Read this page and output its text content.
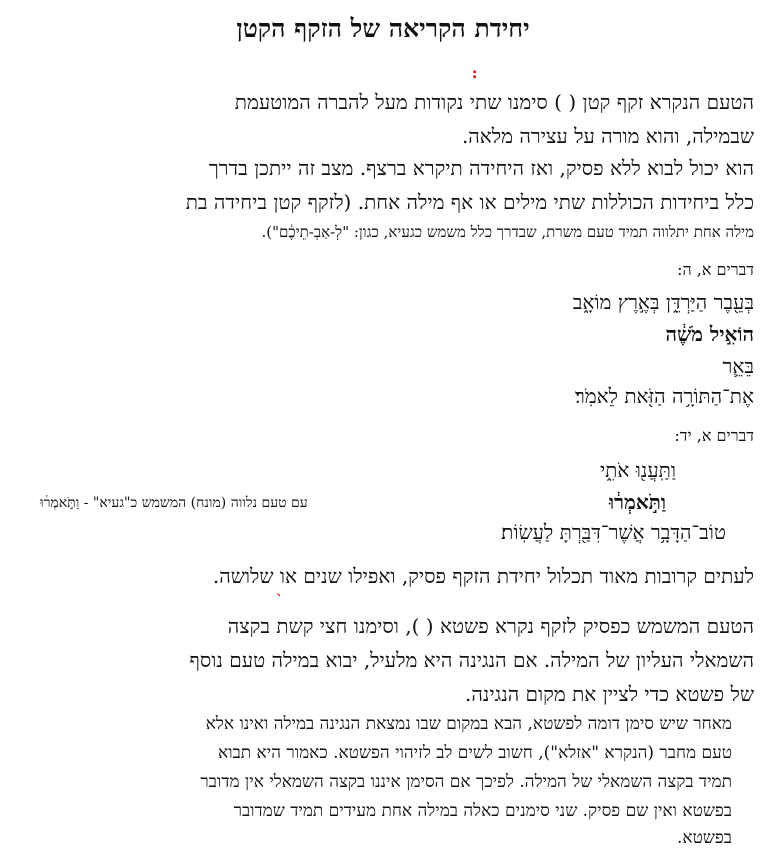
יחידת הקריאה של הזקף הקטן
׃
הטעם הנקרא זקף קטן ( ) סימנו שתי נקודות מעל להברה המוטעמת
שבמילה, והוא מורה על עצירה מלאה.
הוא יכול לבוא ללא פסיק, ואז היחידה תיקרא ברצף. מצב זה ייתכן בדרך
כלל ביחידות הכוללות שתי מילים או אף מילה אחת. (לזקף קטן ביחידה בת
מילה אחת יתלווה תמיד טעם משרת, שבדרך כלל משמש כגעיא, כגון: "לְ-אַבְ-תֵיכֶ֔ם").
דברים א, ה:
בְּעֵ֖בֶר הַיַּרְדֵּ֑ן בְּאֶ֣רֶץ מוֹאָ֑ב
הוֹאִ֣יל מֹשֶׁ֔ה
בֵּאֵ֛ר
אֶת־הַתּוֹרָ֥ה הַזֹּ֖את לֵאמֹֽר׃
דברים א, יד:
וַתַּֽעֲנ֖וּ אֹתִ֑י
וַתֹּ֣אמְר֔וּ
עם טעם נלווה (מונח) המשמש כ"געיא" - וַתֹּ֣אמְר֔וּ
טוֹב־הַדָּבָ֥ר אֲשֶׁר־דִּבַּ֖רְתָּ לַעֲשֽׂוֹת׃
לעתים קרובות מאוד תכלול יחידת הזקף פסיק, ואפילו שנים או שלושה.
הטעם המשמש כפסיק לזקף נקרא פשטא ( ), וסימנו חצי קשת בקצה
השמאלי העליון של המילה. אם הנגינה היא מלעיל, יבוא במילה טעם נוסף
של פשטא כדי לציין את מקום הנגינה.
מאחר שיש סימן דומה לפשטא, הבא במקום שבו נמצאת הנגינה במילה ואינו אלא
טעם מחבר (הנקרא "אזלא"), חשוב לשים לב לזיהוי הפשטא. כאמור היא תבוא
תמיד בקצה השמאלי של המילה. לפיכך אם הסימן איננו בקצה השמאלי אין מדובר
בפשטא ואין שם פסיק. שני סימנים כאלה במילה אחת מעידים תמיד שמדובר
בפשטא.
